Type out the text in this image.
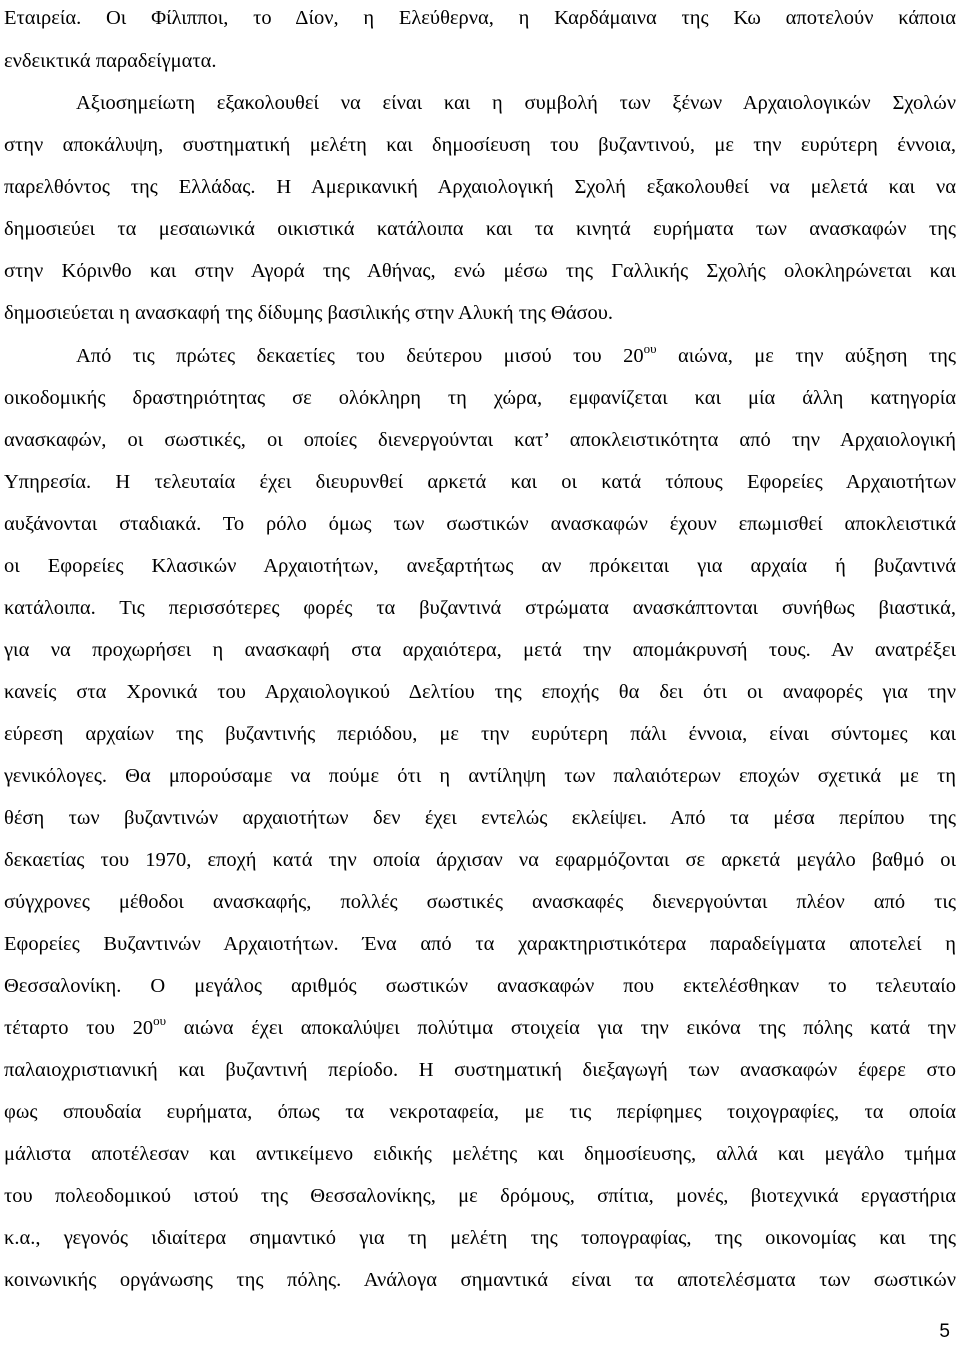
Εταιρεία. Οι Φίλιπποι, το Δίον, η Ελεύθερνα, η Καρδάμαινα της Κω αποτελούν κάποια
ενδεικτικά παραδείγματα.
Αξιοσημείωτη εξακολουθεί να είναι και η συμβολή των ξένων Αρχαιολογικών Σχολών
στην αποκάλυψη, συστηματική μελέτη και δημοσίευση του βυζαντινού, με την ευρύτερη έννοια,
παρελθόντος της Ελλάδας. Η Αμερικανική Αρχαιολογική Σχολή εξακολουθεί να μελετά και να
δημοσιεύει τα μεσαιωνικά οικιστικά κατάλοιπα και τα κινητά ευρήματα των ανασκαφών της
στην Κόρινθο και στην Αγορά της Αθήνας, ενώ μέσω της Γαλλικής Σχολής ολοκληρώνεται και
δημοσιεύεται η ανασκαφή της δίδυμης βασιλικής στην Αλυκή της Θάσου.
Από τις πρώτες δεκαετίες του δεύτερου μισού του $20^{o\upsilon}$ αιώνα, με την αύξηση της
οικοδομικής δραστηριότητας σε ολόκληρη τη χώρα, εμφανίζεται και μία άλλη κατηγορία
ανασκαφών, οι σωστικές, οι οποίες διενεργούνται κατ’ αποκλειστικότητα από την Αρχαιολογική
Υπηρεσία. Η τελευταία έχει διευρυνθεί αρκετά και οι κατά τόπους Εφορείες Αρχαιοτήτων
αυξάνονται σταδιακά. Το ρόλο όμως των σωστικών ανασκαφών έχουν επωμισθεί αποκλειστικά
οι Εφορείες Κλασικών Αρχαιοτήτων, ανεξαρτήτως αν πρόκειται για αρχαία ή βυζαντινά
κατάλοιπα. Τις περισσότερες φορές τα βυζαντινά στρώματα ανασκάπτονται συνήθως βιαστικά,
για να προχωρήσει η ανασκαφή στα αρχαιότερα, μετά την απομάκρυνσή τους. Αν ανατρέξει
κανείς στα Χρονικά του Αρχαιολογικού Δελτίου της εποχής θα δει ότι οι αναφορές για την
εύρεση αρχαίων της βυζαντινής περιόδου, με την ευρύτερη πάλι έννοια, είναι σύντομες και
γενικόλογες. Θα μπορούσαμε να πούμε ότι η αντίληψη των παλαιότερων εποχών σχετικά με τη
θέση των βυζαντινών αρχαιοτήτων δεν έχει εντελώς εκλείψει. Από τα μέσα περίπου της
δεκαετίας του 1970, εποχή κατά την οποία άρχισαν να εφαρμόζονται σε αρκετά μεγάλο βαθμό οι
σύγχρονες μέθοδοι ανασκαφής, πολλές σωστικές ανασκαφές διενεργούνται πλέον από τις
Εφορείες Βυζαντινών Αρχαιοτήτων. Ένα από τα χαρακτηριστικότερα παραδείγματα αποτελεί η
Θεσσαλονίκη. Ο μεγάλος αριθμός σωστικών ανασκαφών που εκτελέσθηκαν το τελευταίο
τέταρτο του $20^{o\upsilon}$ αιώνα έχει αποκαλύψει πολύτιμα στοιχεία για την εικόνα της πόλης κατά την
παλαιοχριστιανική και βυζαντινή περίοδο. Η συστηματική διεξαγωγή των ανασκαφών έφερε στο
φως σπουδαία ευρήματα, όπως τα νεκροταφεία, με τις περίφημες τοιχογραφίες, τα οποία
μάλιστα αποτέλεσαν και αντικείμενο ειδικής μελέτης και δημοσίευσης, αλλά και μεγάλο τμήμα
του πολεοδομικού ιστού της Θεσσαλονίκης, με δρόμους, σπίτια, μονές, βιοτεχνικά εργαστήρια
κ.α., γεγονός ιδιαίτερα σημαντικό για τη μελέτη της τοπογραφίας, της οικονομίας και της
κοινωνικής οργάνωσης της πόλης. Ανάλογα σημαντικά είναι τα αποτελέσματα των σωστικών
5
